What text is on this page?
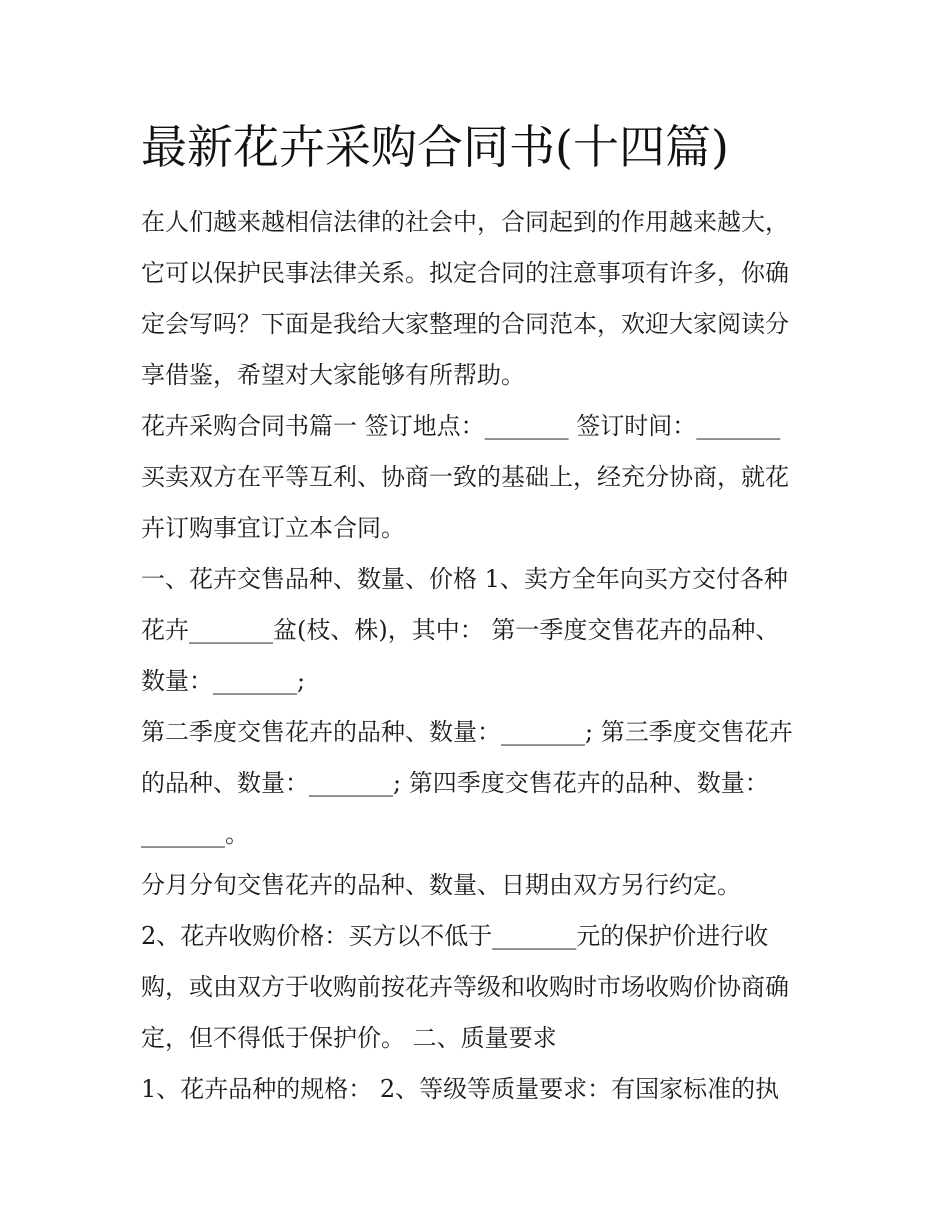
最新花卉采购合同书(十四篇)

在人们越来越相信法律的社会中，合同起到的作用越来越大，

它可以保护民事法律关系。拟定合同的注意事项有许多，你确

定会写吗？下面是我给大家整理的合同范本，欢迎大家阅读分

享借鉴，希望对大家能够有所帮助。

花卉采购合同书篇一 签订地点：_______ 签订时间：_______

买卖双方在平等互利、协商一致的基础上，经充分协商，就花

卉订购事宜订立本合同。

一、花卉交售品种、数量、价格 1、卖方全年向买方交付各种

花卉_______盆(枝、株)，其中： 第一季度交售花卉的品种、

数量：_______;

第二季度交售花卉的品种、数量：_______; 第三季度交售花卉

的品种、数量：_______; 第四季度交售花卉的品种、数量：

_______。

分月分旬交售花卉的品种、数量、日期由双方另行约定。

2、花卉收购价格：买方以不低于_______元的保护价进行收

购，或由双方于收购前按花卉等级和收购时市场收购价协商确

定，但不得低于保护价。 二、质量要求

1、花卉品种的规格： 2、等级等质量要求：有国家标准的执
